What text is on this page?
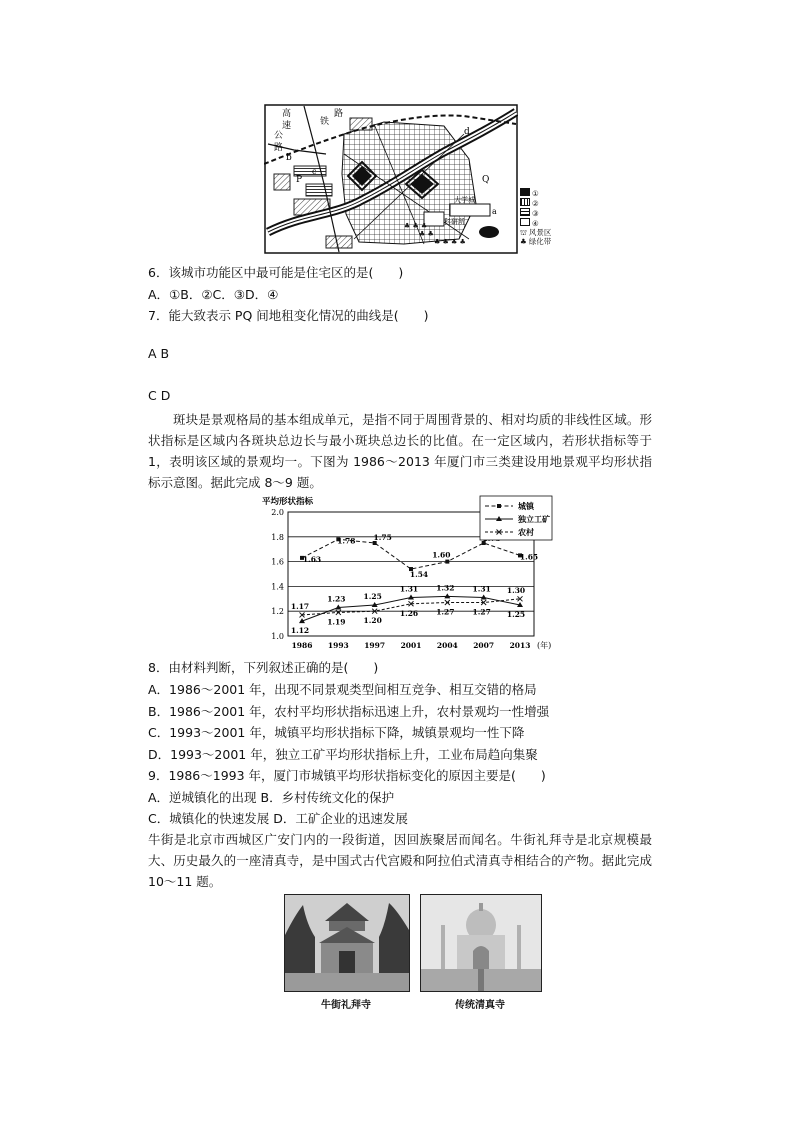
♣ ♣ ♣
♣ ♣ ♣ ♣
♣ ♣
高
速
公
路
铁
路
b
c
P	Q
d
a
大学城
科研所
①
②
③
④
⛫ 风景区
♣ 绿化带
6．该城市功能区中最可能是住宅区的是(　　)
A．①B．②C．③D．④
7．能大致表示 PQ 间地租变化情况的曲线是(　　)
A B
C D
斑块是景观格局的基本组成单元，是指不同于周围背景的、相对均质的非线性区域。形状指标是区域内各斑块总边长与最小斑块总边长的比值。在一定区域内，若形状指标等于 1，表明该区域的景观均一。下图为 1986～2013 年厦门市三类建设用地景观平均形状指标示意图。据此完成 8～9 题。
平均形状指标
2.0
1.8
1.6
1.4
1.2
1.0
1986 1993 1997 2001 2004 2007 2013 (年)
1.63
1.78 1.75
1.54
1.60	1.65
1.12
1.23 1.25
1.31 1.32 1.31
1.25
1.17
1.19 1.20
1.26 1.27 1.27
1.30
城镇
独立工矿
农村
8．由材料判断，下列叙述正确的是(　　)
A．1986～2001 年，出现不同景观类型间相互竞争、相互交错的格局
B．1986～2001 年，农村平均形状指标迅速上升，农村景观均一性增强
C．1993～2001 年，城镇平均形状指标下降，城镇景观均一性下降
D．1993～2001 年，独立工矿平均形状指标上升，工业布局趋向集聚
9．1986～1993 年，厦门市城镇平均形状指标变化的原因主要是(　　)
A．逆城镇化的出现 B．乡村传统文化的保护
C．城镇化的快速发展 D．工矿企业的迅速发展
牛街是北京市西城区广安门内的一段街道，因回族聚居而闻名。牛街礼拜寺是北京规模最大、历史最久的一座清真寺，是中国式古代宫殿和阿拉伯式清真寺相结合的产物。据此完成 10～11 题。
牛街礼拜寺	传统清真寺
